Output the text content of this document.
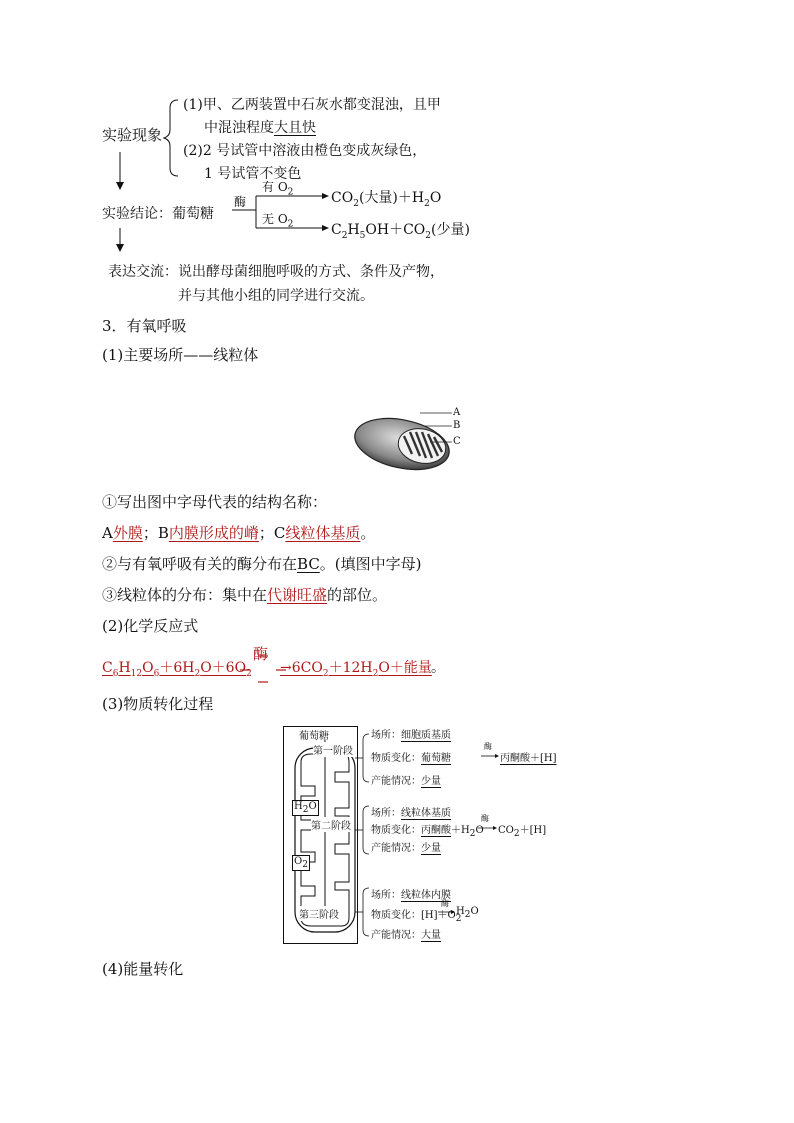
实验现象
(1)甲、乙两装置中石灰水都变混浊，且甲
中混浊程度大且快
(2)2 号试管中溶液由橙色变成灰绿色，
1 号试管不变色
实验结论：葡萄糖
酶
有 $O_2$
无 $O_2$
$CO_2$(大量)$+H_2O$
$C_2H_5OH+CO_2$(少量)
表达交流：说出酵母菌细胞呼吸的方式、条件及产物，
并与其他小组的同学进行交流。
3．有氧呼吸
(1)主要场所——线粒体
A
B
C
①写出图中字母代表的结构名称：
A外膜；B内膜形成的嵴；C线粒体基质。
②与有氧呼吸有关的酶分布在BC。(填图中字母)
③线粒体的分布：集中在代谢旺盛的部位。
(2)化学反应式
$C_6H_{12}O_6+6H_2O+6O_2$
酶
$\to 6CO_2+12H_2O+$能量 。
(3)物质转化过程
葡萄糖
第一阶段
$H_2O$
第二阶段
$O_2$
第三阶段
场所：细胞质基质
物质变化：葡萄糖
酶
丙酮酸＋[H]
产能情况：少量
场所：线粒体基质
物质变化：丙酮酸$+H_2O$
酶
$CO_2+[H]$
产能情况：少量
场所：线粒体内膜
物质变化：$[H]+O_2$
酶
$H_2O$
产能情况：大量
(4)能量转化
